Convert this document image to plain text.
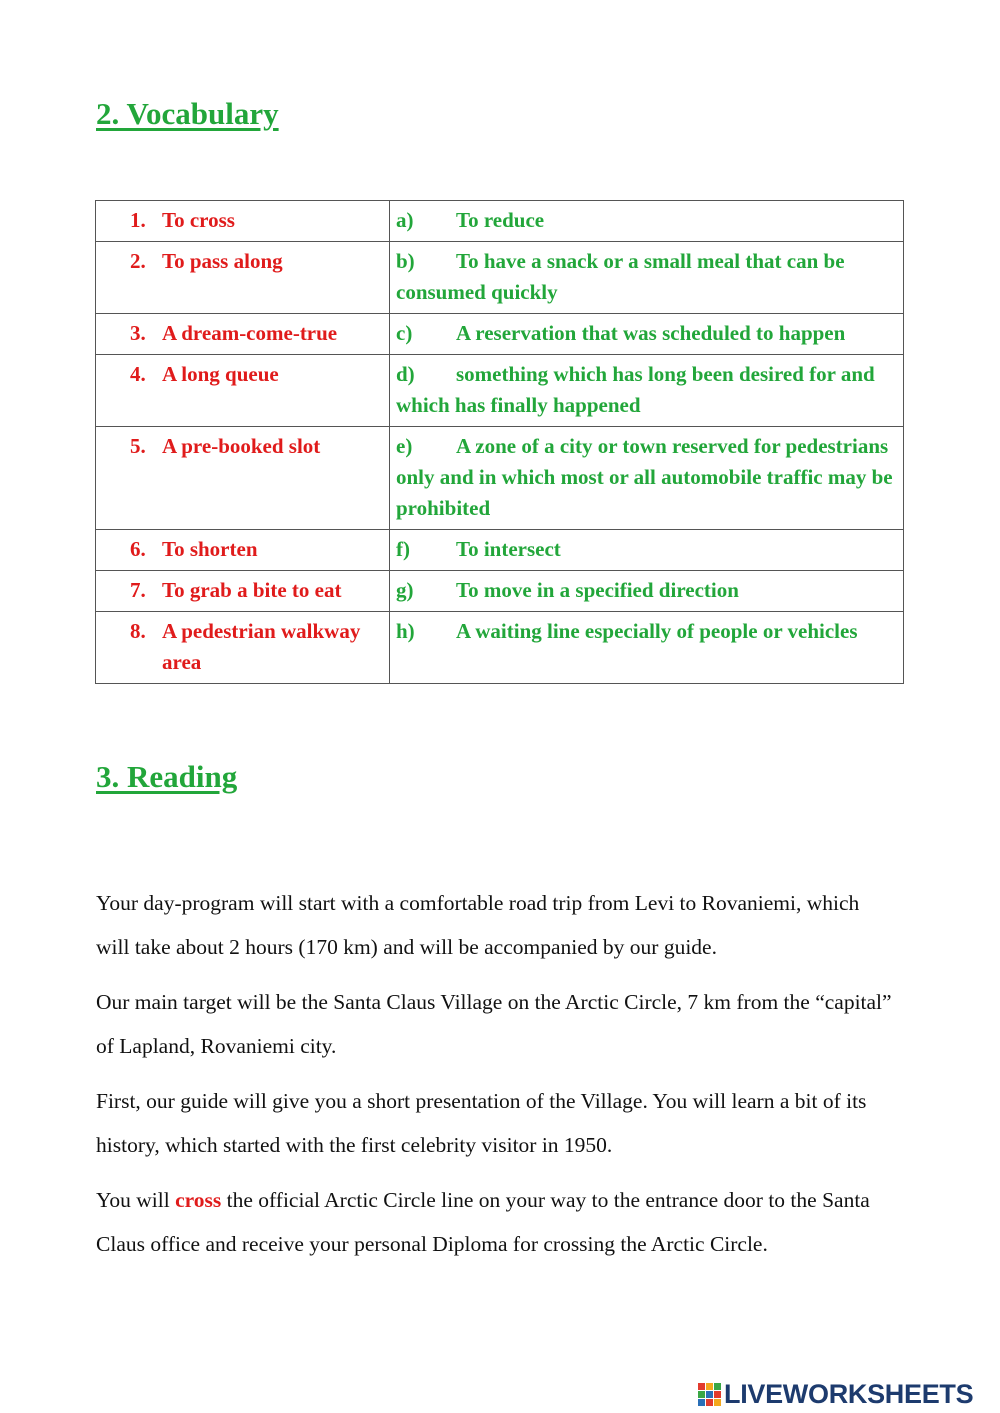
2. Vocabulary
1. To cross	a) To reduce

2. To pass along	b) To have a snack or a small meal that can be consumed quickly

3. A dream-come-true	c) A reservation that was scheduled to happen

4. A long queue	d) something which has long been desired for and which has finally happened

5. A pre-booked slot	e) A zone of a city or town reserved for pedestrians only and in which most or all automobile traffic may be prohibited

6. To shorten	f) To intersect

7. To grab a bite to eat	g) To move in a specified direction

8. A pedestrian walkway area	h) A waiting line especially of people or vehicles
3. Reading

Your day-program will start with a comfortable road trip from Levi to Rovaniemi, which will take about 2 hours (170 km) and will be accompanied by our guide.

Our main target will be the Santa Claus Village on the Arctic Circle, 7 km from the “capital” of Lapland, Rovaniemi city.

First, our guide will give you a short presentation of the Village. You will learn a bit of its history, which started with the first celebrity visitor in 1950.

You will cross the official Arctic Circle line on your way to the entrance door to the Santa Claus office and receive your personal Diploma for crossing the Arctic Circle.

LIVEWORKSHEETS
